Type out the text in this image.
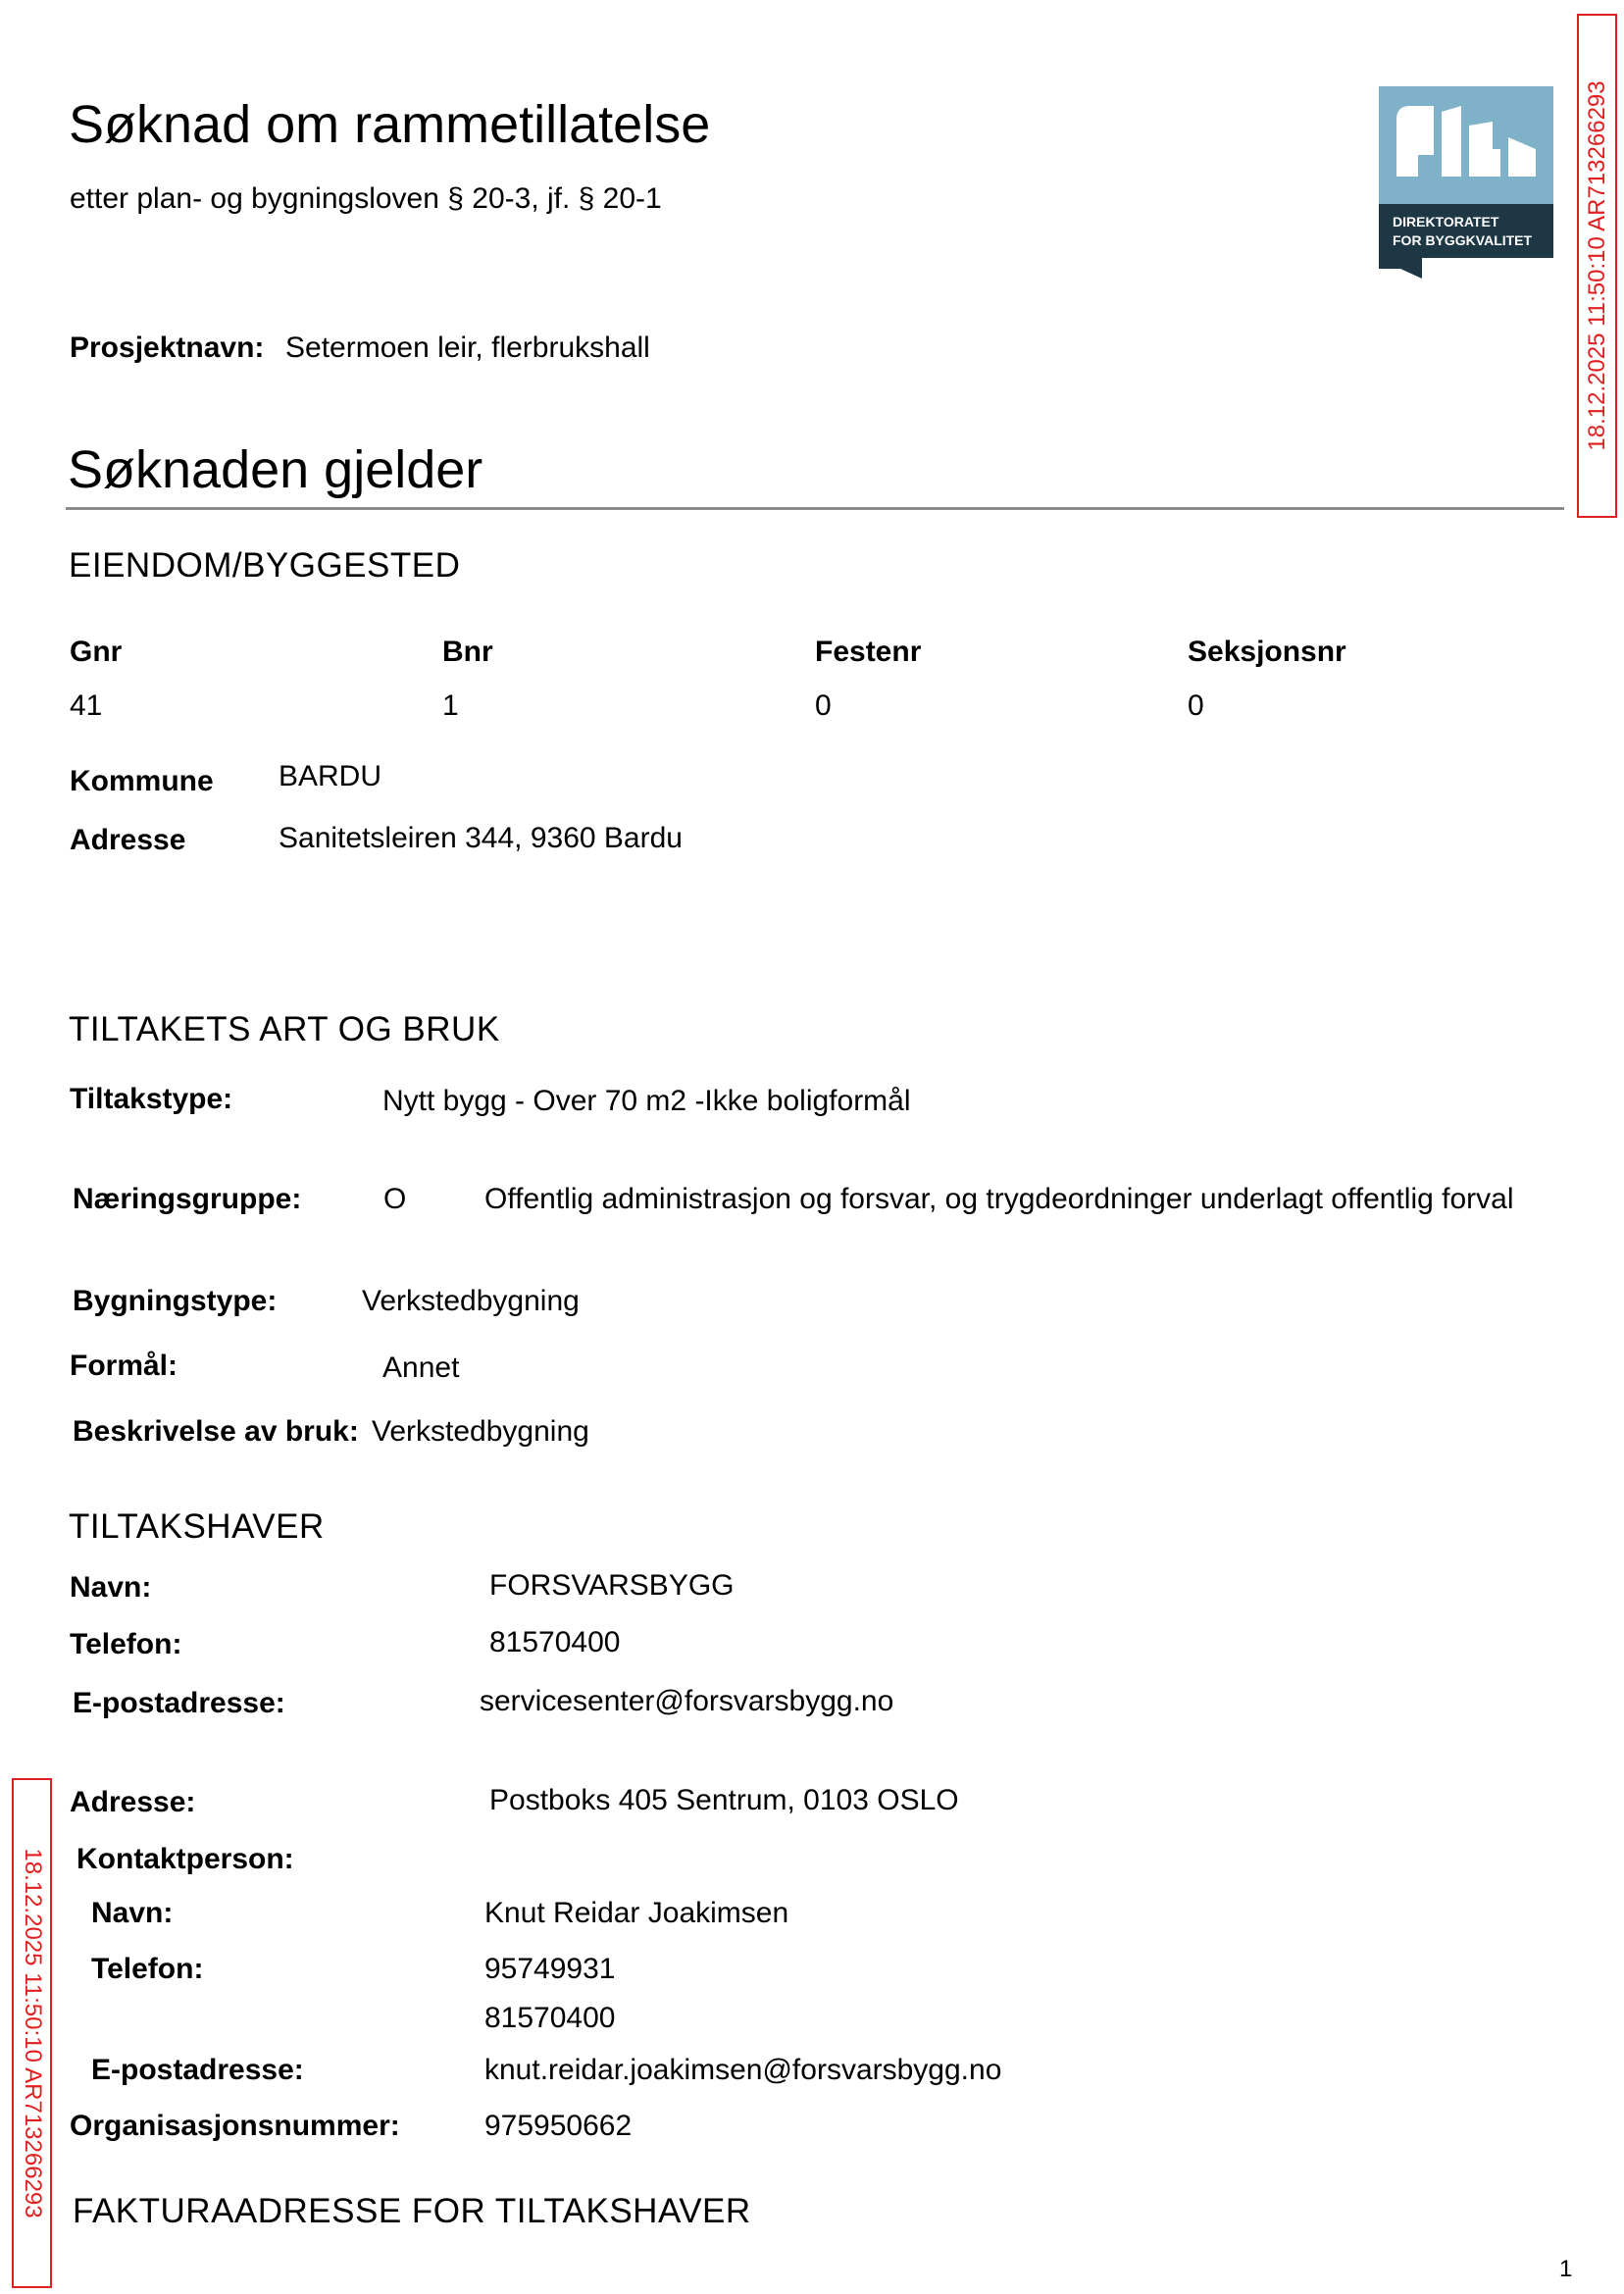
Søknad om rammetillatelse
etter plan- og bygningsloven § 20-3, jf. § 20-1
DIREKTORATET
FOR BYGGKVALITET 18.12.2025 11:50:10 AR713266293
18.12.2025 11:50:10 AR713266293
Prosjektnavn: Setermoen leir, flerbrukshall
Søknaden gjelder
EIENDOM/BYGGESTED
Gnr	Bnr	Festenr	Seksjonsnr
41	1	0	0
Kommune BARDU
Adresse	Sanitetsleiren 344, 9360 Bardu
TILTAKETS ART OG BRUK
Tiltakstype:	Nytt bygg - Over 70 m2 -Ikke boligformål
Næringsgruppe:	O	Offentlig administrasjon og forsvar, og trygdeordninger underlagt offentlig forval
Bygningstype:	Verkstedbygning
Formål:	Annet
Beskrivelse av bruk: Verkstedbygning
TILTAKSHAVER
Navn:	FORSVARSBYGG
Telefon:	81570400
E-postadresse:	servicesenter@forsvarsbygg.no
Adresse:	Postboks 405 Sentrum, 0103 OSLO
Kontaktperson:
Navn:	Knut Reidar Joakimsen
Telefon:	95749931
81570400
E-postadresse:	knut.reidar.joakimsen@forsvarsbygg.no
Organisasjonsnummer:	975950662
FAKTURAADRESSE FOR TILTAKSHAVER
1
